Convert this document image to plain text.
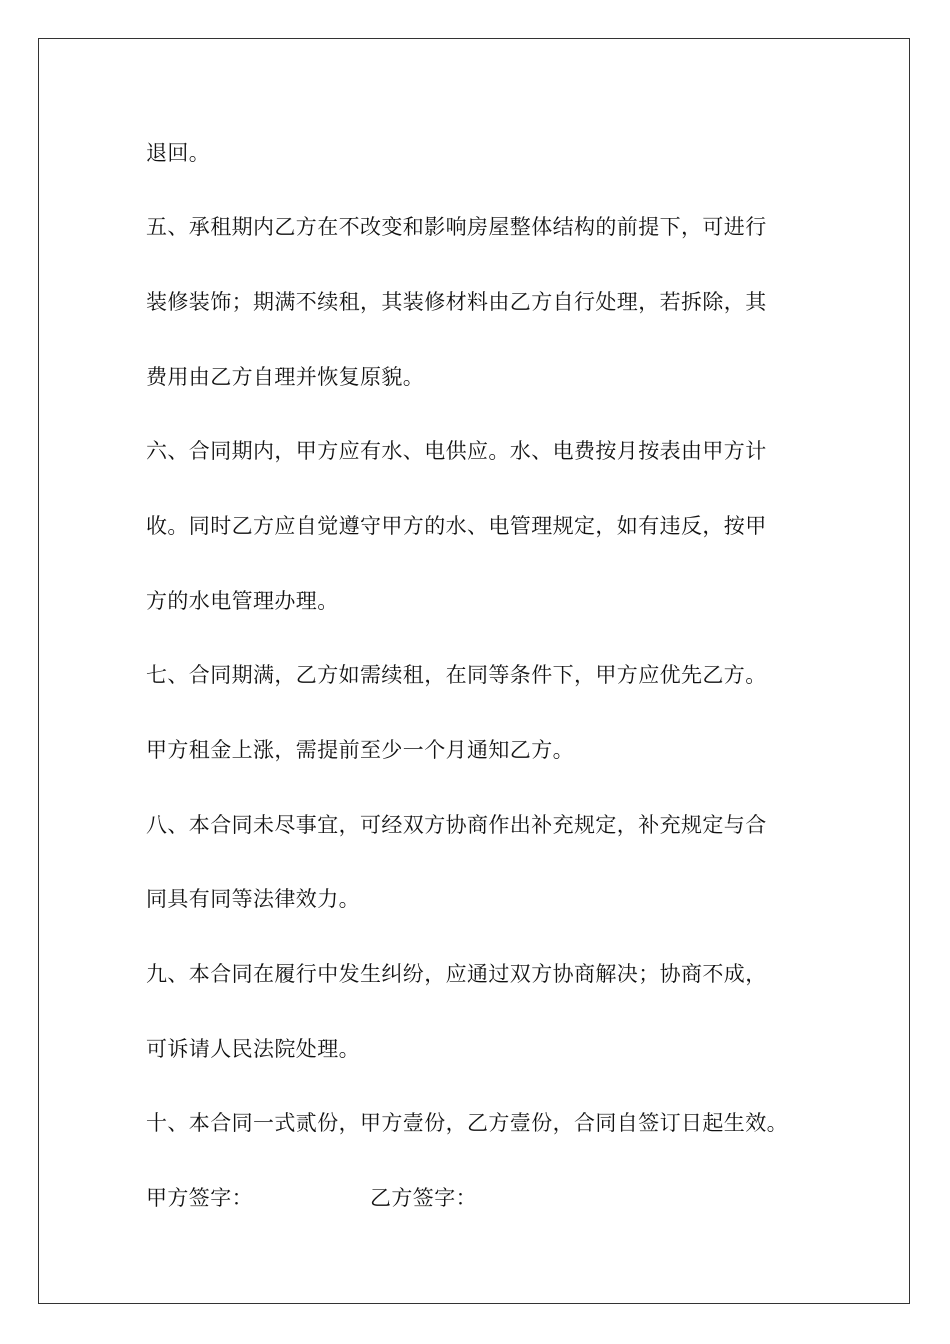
退回。
五、承租期内乙方在不改变和影响房屋整体结构的前提下，可进行
装修装饰；期满不续租，其装修材料由乙方自行处理，若拆除，其
费用由乙方自理并恢复原貌。
六、合同期内，甲方应有水、电供应。水、电费按月按表由甲方计
收。同时乙方应自觉遵守甲方的水、电管理规定，如有违反，按甲
方的水电管理办理。
七、合同期满，乙方如需续租，在同等条件下，甲方应优先乙方。
甲方租金上涨，需提前至少一个月通知乙方。
八、本合同未尽事宜，可经双方协商作出补充规定，补充规定与合
同具有同等法律效力。
九、本合同在履行中发生纠纷，应通过双方协商解决；协商不成，
可诉请人民法院处理。
十、本合同一式贰份，甲方壹份，乙方壹份，合同自签订日起生效。
甲方签字：	乙方签字：
